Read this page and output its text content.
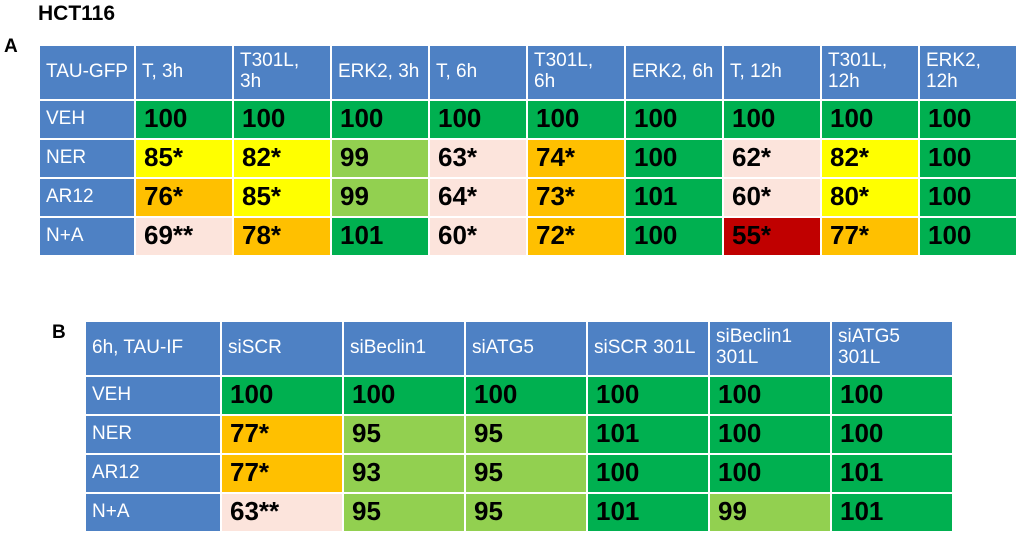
HCT116
A
B
TAU-GFP	T, 3h	T301L, 3h	ERK2, 3h	T, 6h	T301L, 6h	ERK2, 6h	T, 12h	T301L, 12h	ERK2, 12h
VEH	100	100	100	100	100	100	100	100	100
NER	85*	82*	99	63*	74*	100	62*	82*	100
AR12	76*	85*	99	64*	73*	101	60*	80*	100
N+A	69**	78*	101	60*	72*	100	55*	77*	100
6h, TAU-IF	siSCR	siBeclin1	siATG5	siSCR 301L	siBeclin1 301L	siATG5 301L
VEH	100	100	100	100	100	100
NER	77*	95	95	101	100	100
AR12	77*	93	95	100	100	101
N+A	63**	95	95	101	99	101
